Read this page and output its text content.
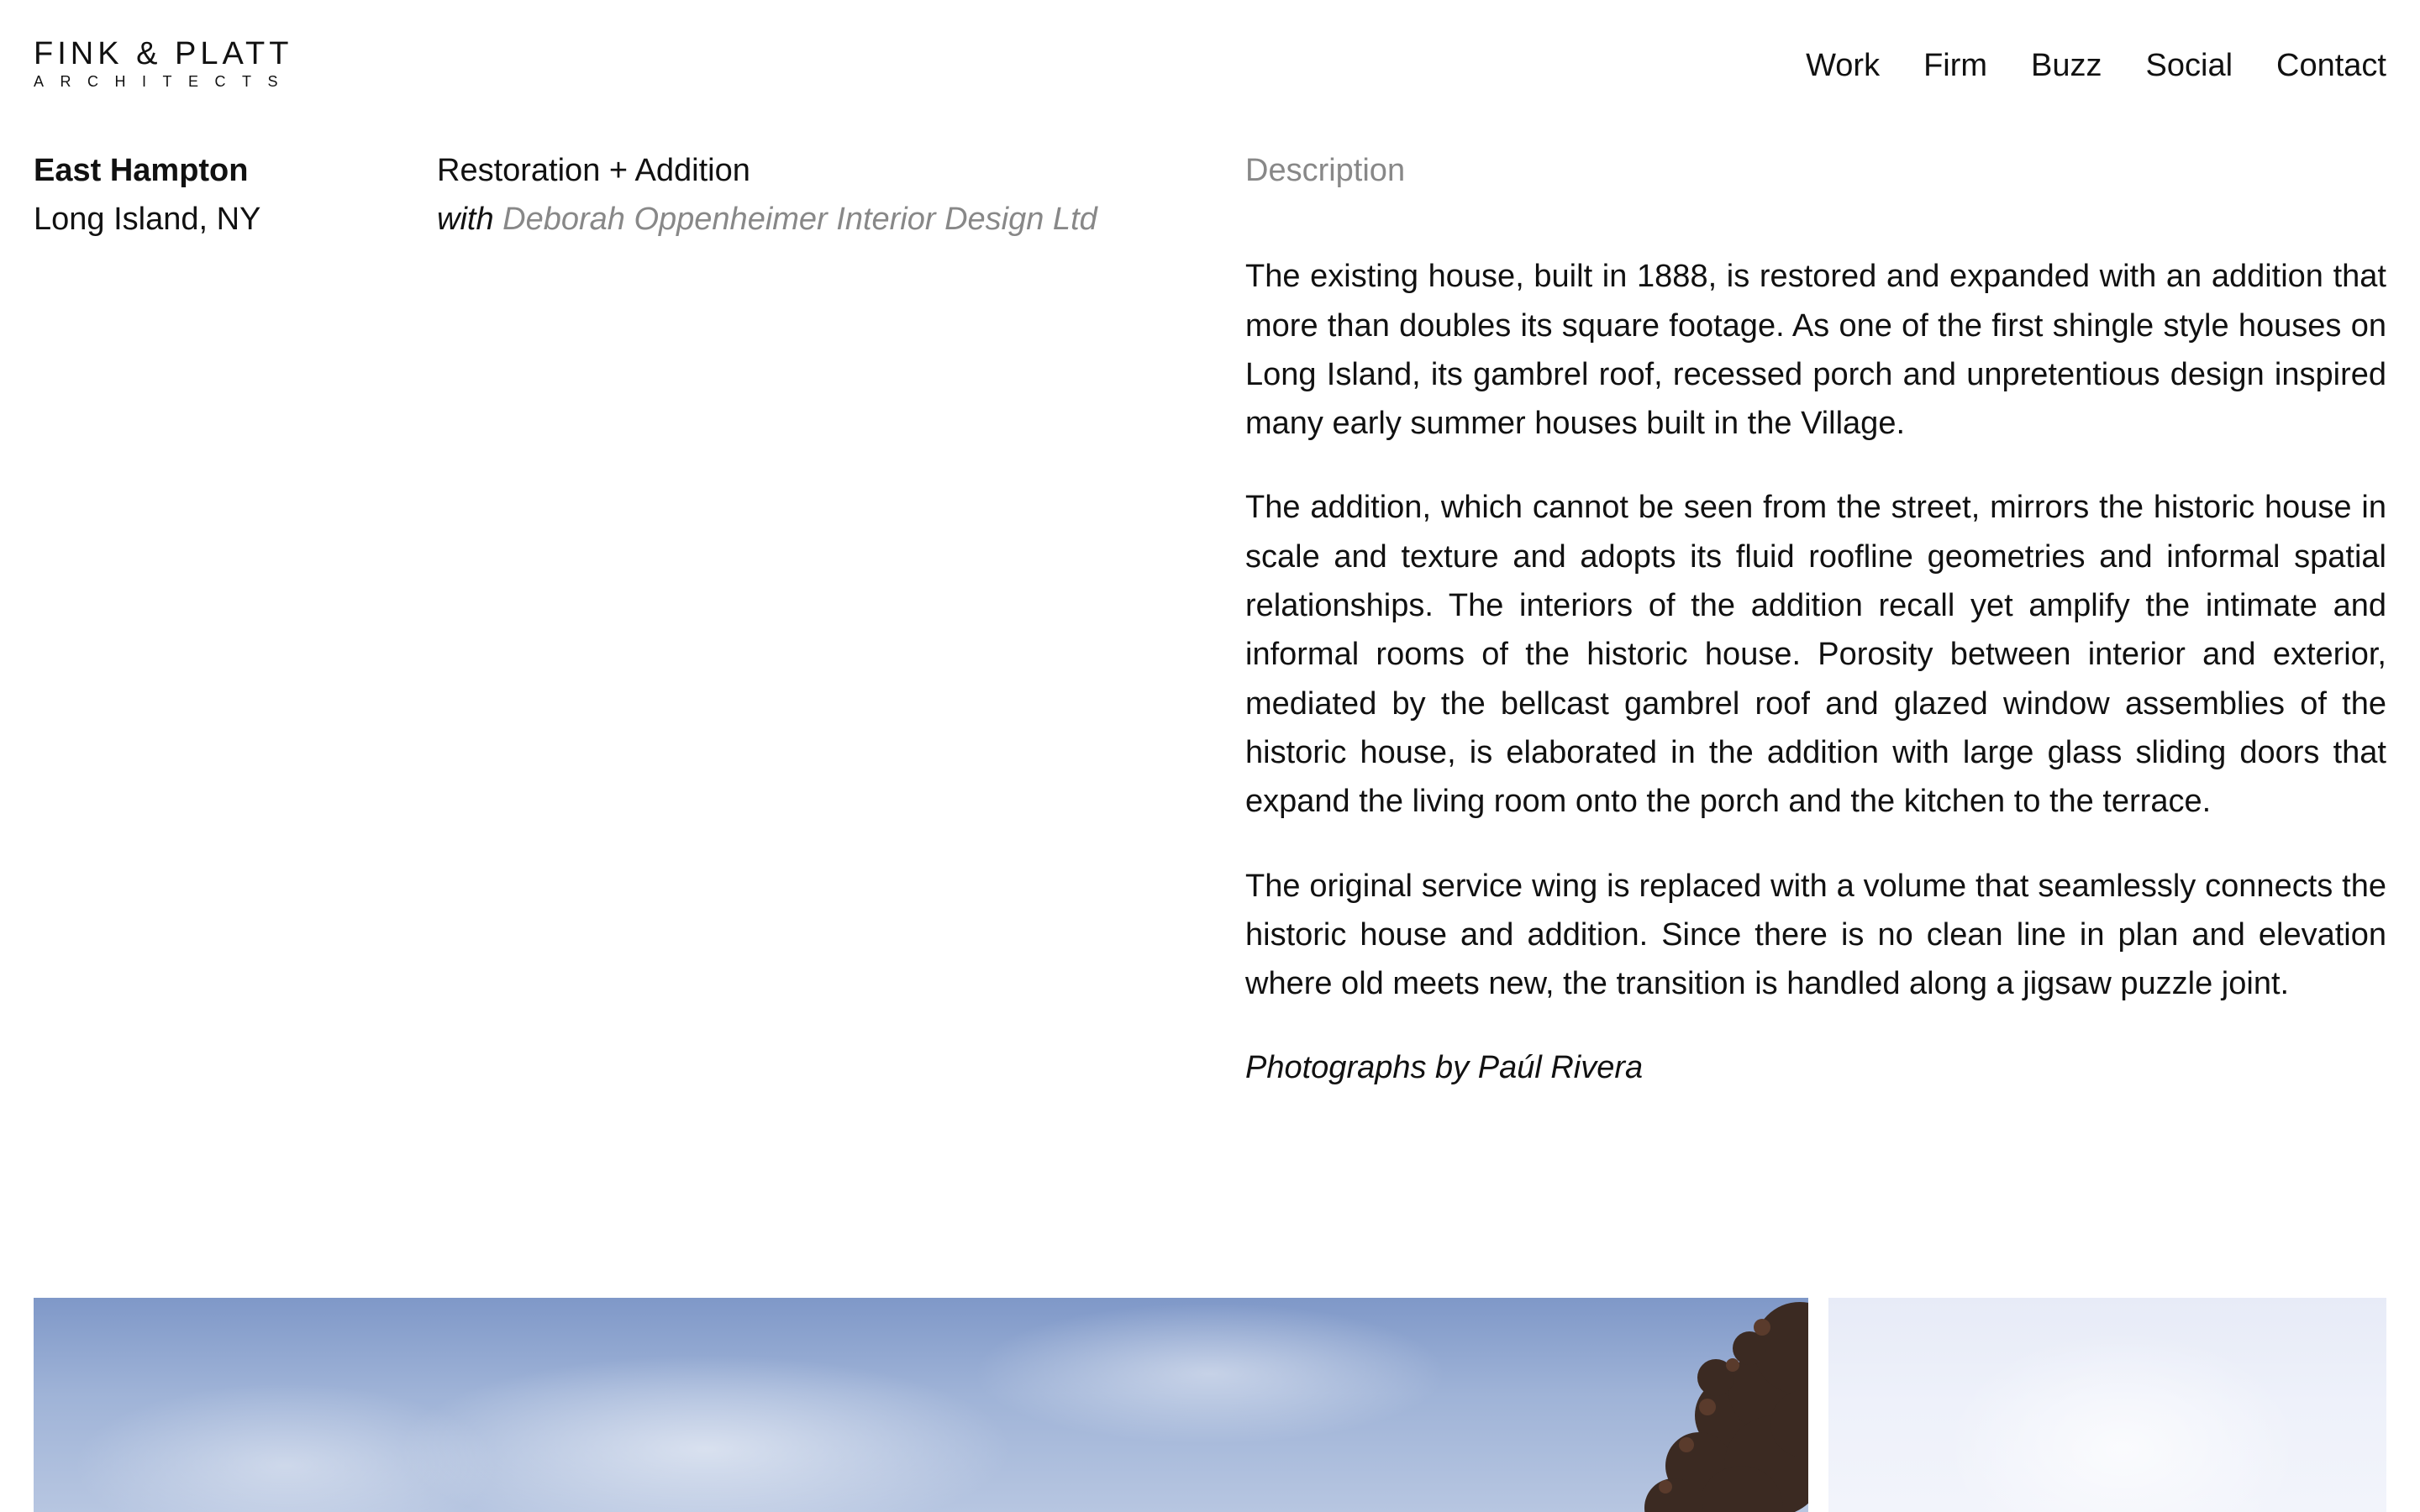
FINK & PLATT
ARCHITECTS	Work Firm Buzz Social Contact
East Hampton
Long Island, NY
Restoration + Addition
with Deborah Oppenheimer Interior Design Ltd
Description

The existing house, built in 1888, is restored and expanded with an addition that more than doubles its square footage. As one of the first shingle style houses on Long Island, its gambrel roof, recessed porch and unpretentious design inspired many early summer houses built in the Village.

The addition, which cannot be seen from the street, mirrors the historic house in scale and texture and adopts its fluid roofline geometries and informal spatial relationships. The interiors of the addition recall yet amplify the intimate and informal rooms of the historic house. Porosity between interior and exterior, mediated by the bellcast gambrel roof and glazed window assemblies of the historic house, is elaborated in the addition with large glass sliding doors that expand the living room onto the porch and the kitchen to the terrace.

The original service wing is replaced with a volume that seamlessly connects the historic house and addition. Since there is no clean line in plan and elevation where old meets new, the transition is handled along a jigsaw puzzle joint.

Photographs by Paúl Rivera
